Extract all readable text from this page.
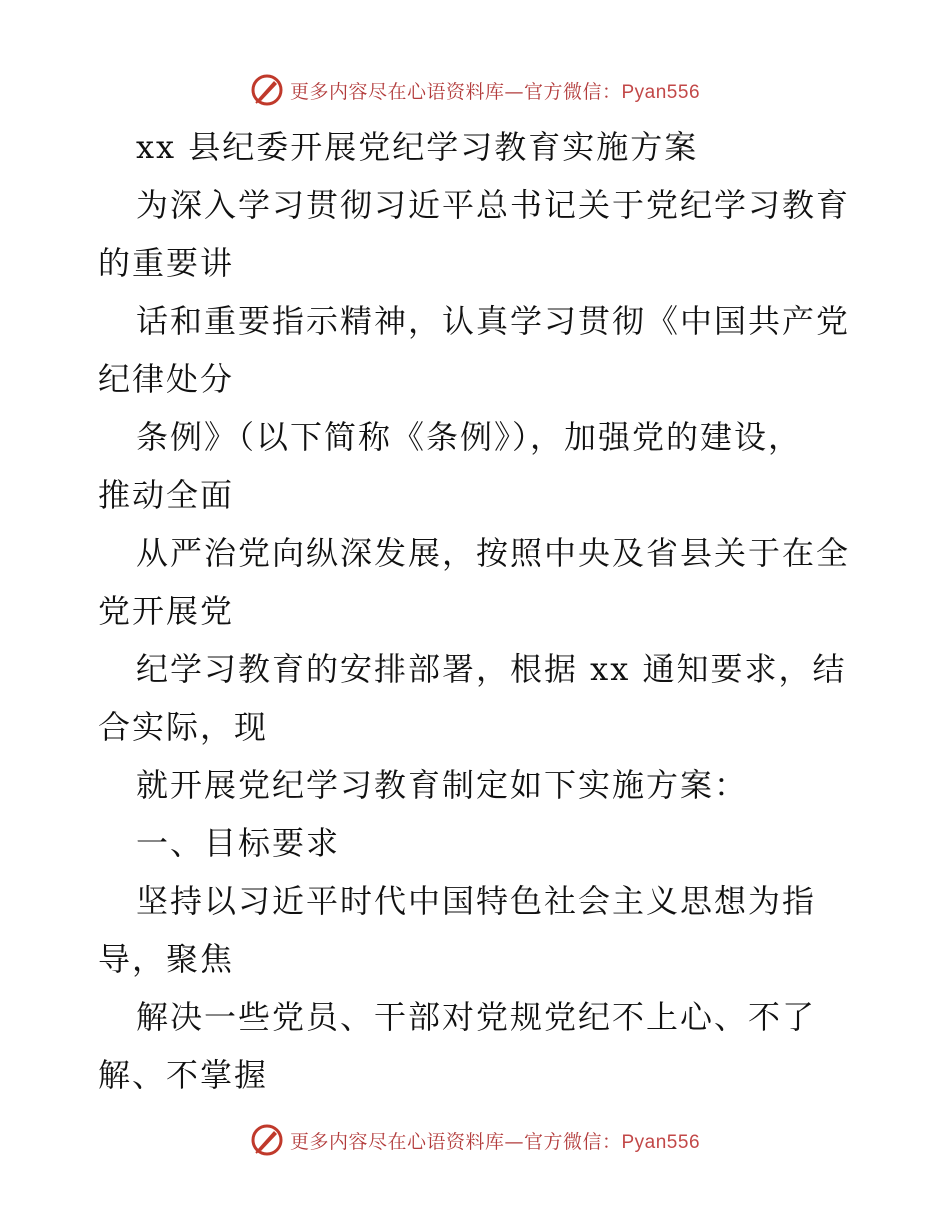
更多内容尽在心语资料库—官方微信：Pyan556
xx 县纪委开展党纪学习教育实施方案
为深入学习贯彻习近平总书记关于党纪学习教育
的重要讲
话和重要指示精神，认真学习贯彻《中国共产党
纪律处分
条例》（以下简称《条例》），加强党的建设，
推动全面
从严治党向纵深发展，按照中央及省县关于在全
党开展党
纪学习教育的安排部署，根据 xx 通知要求，结
合实际，现
就开展党纪学习教育制定如下实施方案：
一、目标要求
坚持以习近平时代中国特色社会主义思想为指
导，聚焦
解决一些党员、干部对党规党纪不上心、不了
解、不掌握
更多内容尽在心语资料库—官方微信：Pyan556
